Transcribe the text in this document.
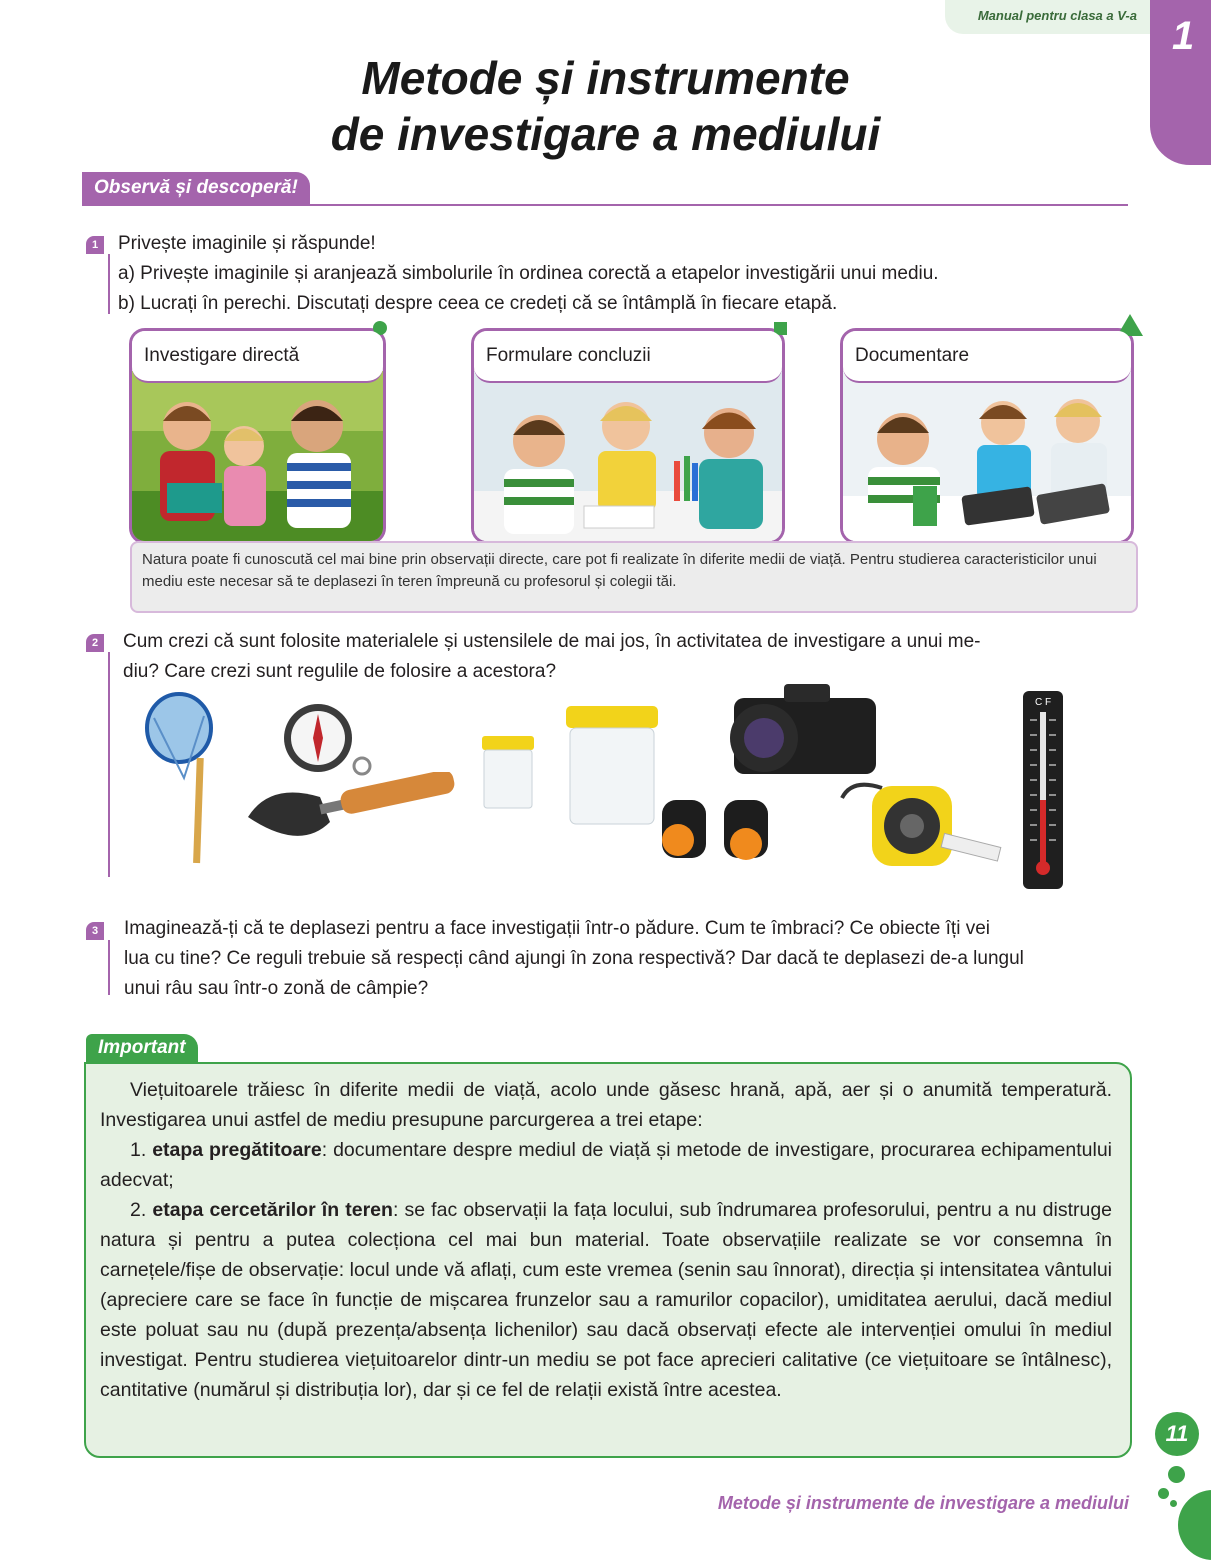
Manual pentru clasa a V-a 1
Metode și instrumente
de investigare a mediului
Observă și descoperă!
1	Privește imaginile și răspunde!
a) Privește imaginile și aranjează simbolurile în ordinea corectă a etapelor investigării unui mediu.
b) Lucrați în perechi. Discutați despre ceea ce credeți că se întâmplă în fiecare etapă.
Investigare directă	Formulare concluzii	Documentare
Natura poate fi cunoscută cel mai bine prin observații directe, care pot fi realizate în diferite medii de viață. Pentru studierea caracteristicilor unui mediu este necesar să te deplasezi în teren împreună cu profesorul și colegii tăi.
2	Cum crezi că sunt folosite materialele și ustensilele de mai jos, în activitatea de investigare a unui me-
diu? Care crezi sunt regulile de folosire a acestora?
C F
3	Imaginează-ți că te deplasezi pentru a face investigații într-o pădure. Cum te îmbraci? Ce obiecte îți vei
lua cu tine? Ce reguli trebuie să respecți când ajungi în zona respectivă? Dar dacă te deplasezi de-a lungul
unui râu sau într-o zonă de câmpie?
Important

Viețuitoarele trăiesc în diferite medii de viață, acolo unde găsesc hrană, apă, aer și o anumită temperatură. Investigarea unui astfel de mediu presupune parcurgerea a trei etape:

1. etapa pregătitoare: documentare despre mediul de viață și metode de investigare, procurarea echipamentului adecvat;

2. etapa cercetărilor în teren: se fac observații la fața locului, sub îndrumarea profesorului, pentru a nu distruge natura și pentru a putea colecționa cel mai bun material. Toate observațiile realizate se vor consemna în carnețele/fișe de observație: locul unde vă aflați, cum este vremea (senin sau înnorat), direcția și intensitatea vântului (apreciere care se face în funcție de mișcarea frunzelor sau a ramurilor copacilor), umiditatea aerului, dacă mediul este poluat sau nu (după prezența/absența lichenilor) sau dacă observați efecte ale intervenției omului în mediul investigat. Pentru studierea viețuitoarelor dintr-un mediu se pot face aprecieri calitative (ce viețuitoare se întâlnesc), cantitative (numărul și distribuția lor), dar și ce fel de relații există între acestea.

11
Metode și instrumente de investigare a mediului
